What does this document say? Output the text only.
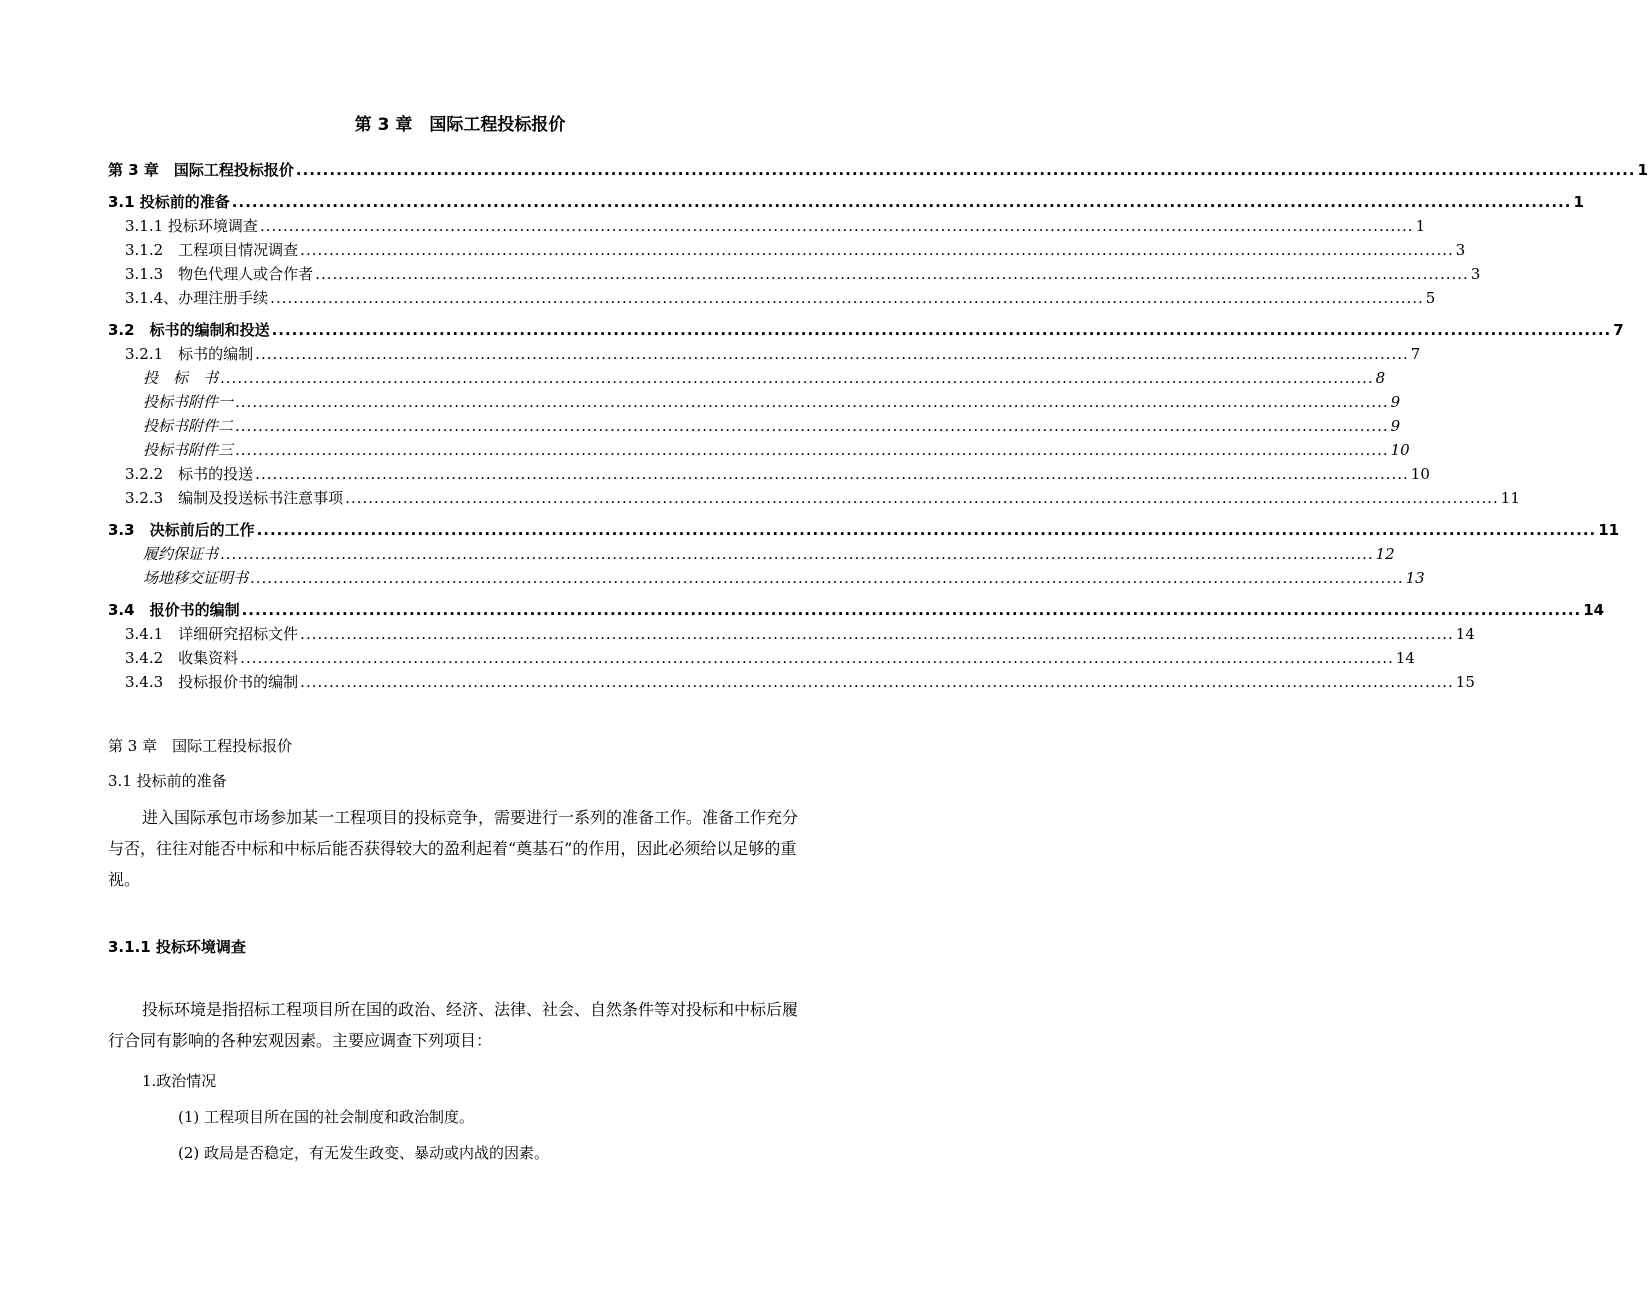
第 3 章　国际工程投标报价
第 3 章　国际工程投标报价 ........................................................................................................................................................................................................ 1
3.1 投标前的准备 ........................................................................................................................................................................................................ 1
3.1.1 投标环境调查 ........................................................................................................................................................................................................ 1
3.1.2　工程项目情况调查 ........................................................................................................................................................................................................ 3
3.1.3　物色代理人或合作者 ........................................................................................................................................................................................................ 3
3.1.4、办理注册手续 ........................................................................................................................................................................................................ 5
3.2　标书的编制和投送 ........................................................................................................................................................................................................ 7
3.2.1　标书的编制 ........................................................................................................................................................................................................ 7
投　标　书 ........................................................................................................................................................................................................ 8
投标书附件一 ........................................................................................................................................................................................................ 9
投标书附件二 ........................................................................................................................................................................................................ 9
投标书附件三 ........................................................................................................................................................................................................ 10
3.2.2　标书的投送 ........................................................................................................................................................................................................ 10
3.2.3　编制及投送标书注意事项 ........................................................................................................................................................................................................ 11
3.3　决标前后的工作 ........................................................................................................................................................................................................ 11
履约保证书 ........................................................................................................................................................................................................ 12
场地移交证明书 ........................................................................................................................................................................................................ 13
3.4　报价书的编制 ........................................................................................................................................................................................................ 14
3.4.1　详细研究招标文件 ........................................................................................................................................................................................................ 14
3.4.2　收集资料 ........................................................................................................................................................................................................ 14
3.4.3　投标报价书的编制 ........................................................................................................................................................................................................ 15
第 3 章　国际工程投标报价
3.1 投标前的准备
进入国际承包市场参加某一工程项目的投标竞争，需要进行一系列的准备工作。准备工作充分与否，往往对能否中标和中标后能否获得较大的盈利起着“奠基石”的作用，因此必须给以足够的重视。
3.1.1 投标环境调查
投标环境是指招标工程项目所在国的政治、经济、法律、社会、自然条件等对投标和中标后履行合同有影响的各种宏观因素。主要应调查下列项目：
1.政治情况
(1) 工程项目所在国的社会制度和政治制度。
(2) 政局是否稳定，有无发生政变、暴动或内战的因素。
